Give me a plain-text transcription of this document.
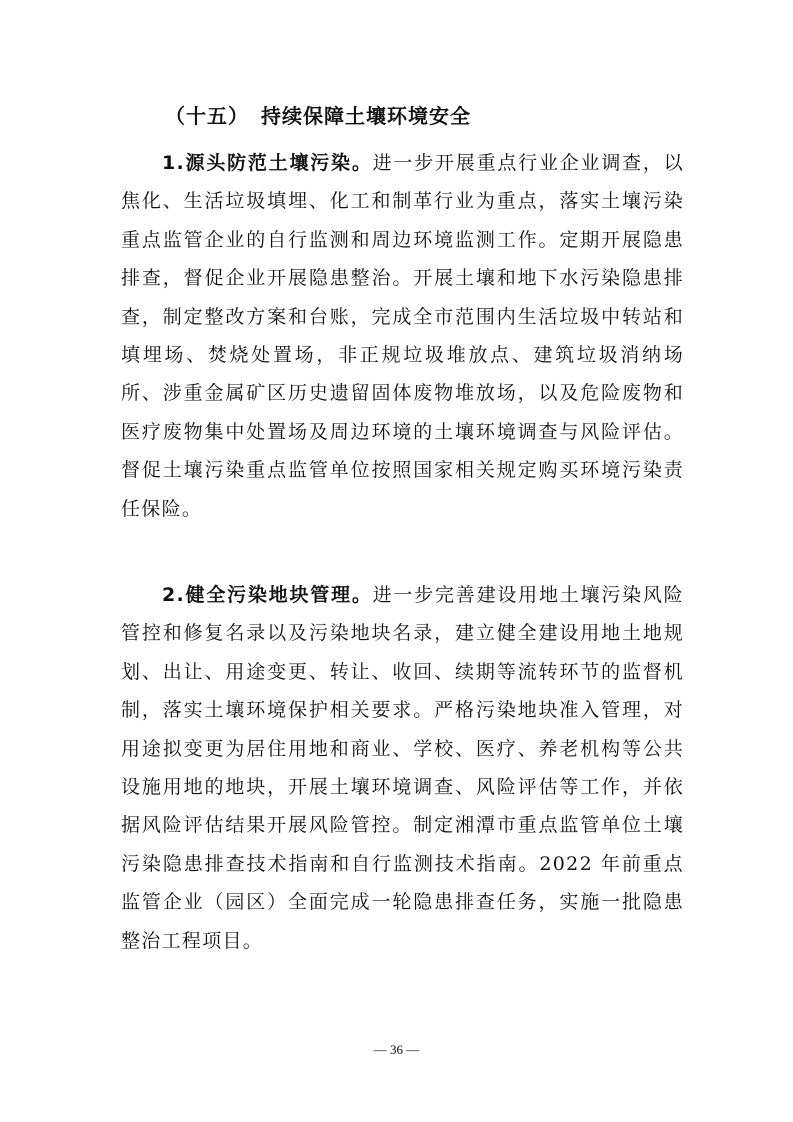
（十五） 持续保障土壤环境安全

1.源头防范土壤污染。进一步开展重点行业企业调查，以焦化、生活垃圾填埋、化工和制革行业为重点，落实土壤污染重点监管企业的自行监测和周边环境监测工作。定期开展隐患排查，督促企业开展隐患整治。开展土壤和地下水污染隐患排查，制定整改方案和台账，完成全市范围内生活垃圾中转站和填埋场、焚烧处置场，非正规垃圾堆放点、建筑垃圾消纳场所、涉重金属矿区历史遗留固体废物堆放场，以及危险废物和医疗废物集中处置场及周边环境的土壤环境调查与风险评估。督促土壤污染重点监管单位按照国家相关规定购买环境污染责任保险。

2.健全污染地块管理。进一步完善建设用地土壤污染风险管控和修复名录以及污染地块名录，建立健全建设用地土地规划、出让、用途变更、转让、收回、续期等流转环节的监督机制，落实土壤环境保护相关要求。严格污染地块准入管理，对用途拟变更为居住用地和商业、学校、医疗、养老机构等公共设施用地的地块，开展土壤环境调查、风险评估等工作，并依据风险评估结果开展风险管控。制定湘潭市重点监管单位土壤污染隐患排查技术指南和自行监测技术指南。2022 年前重点监管企业（园区）全面完成一轮隐患排查任务，实施一批隐患整治工程项目。

— 36 —
